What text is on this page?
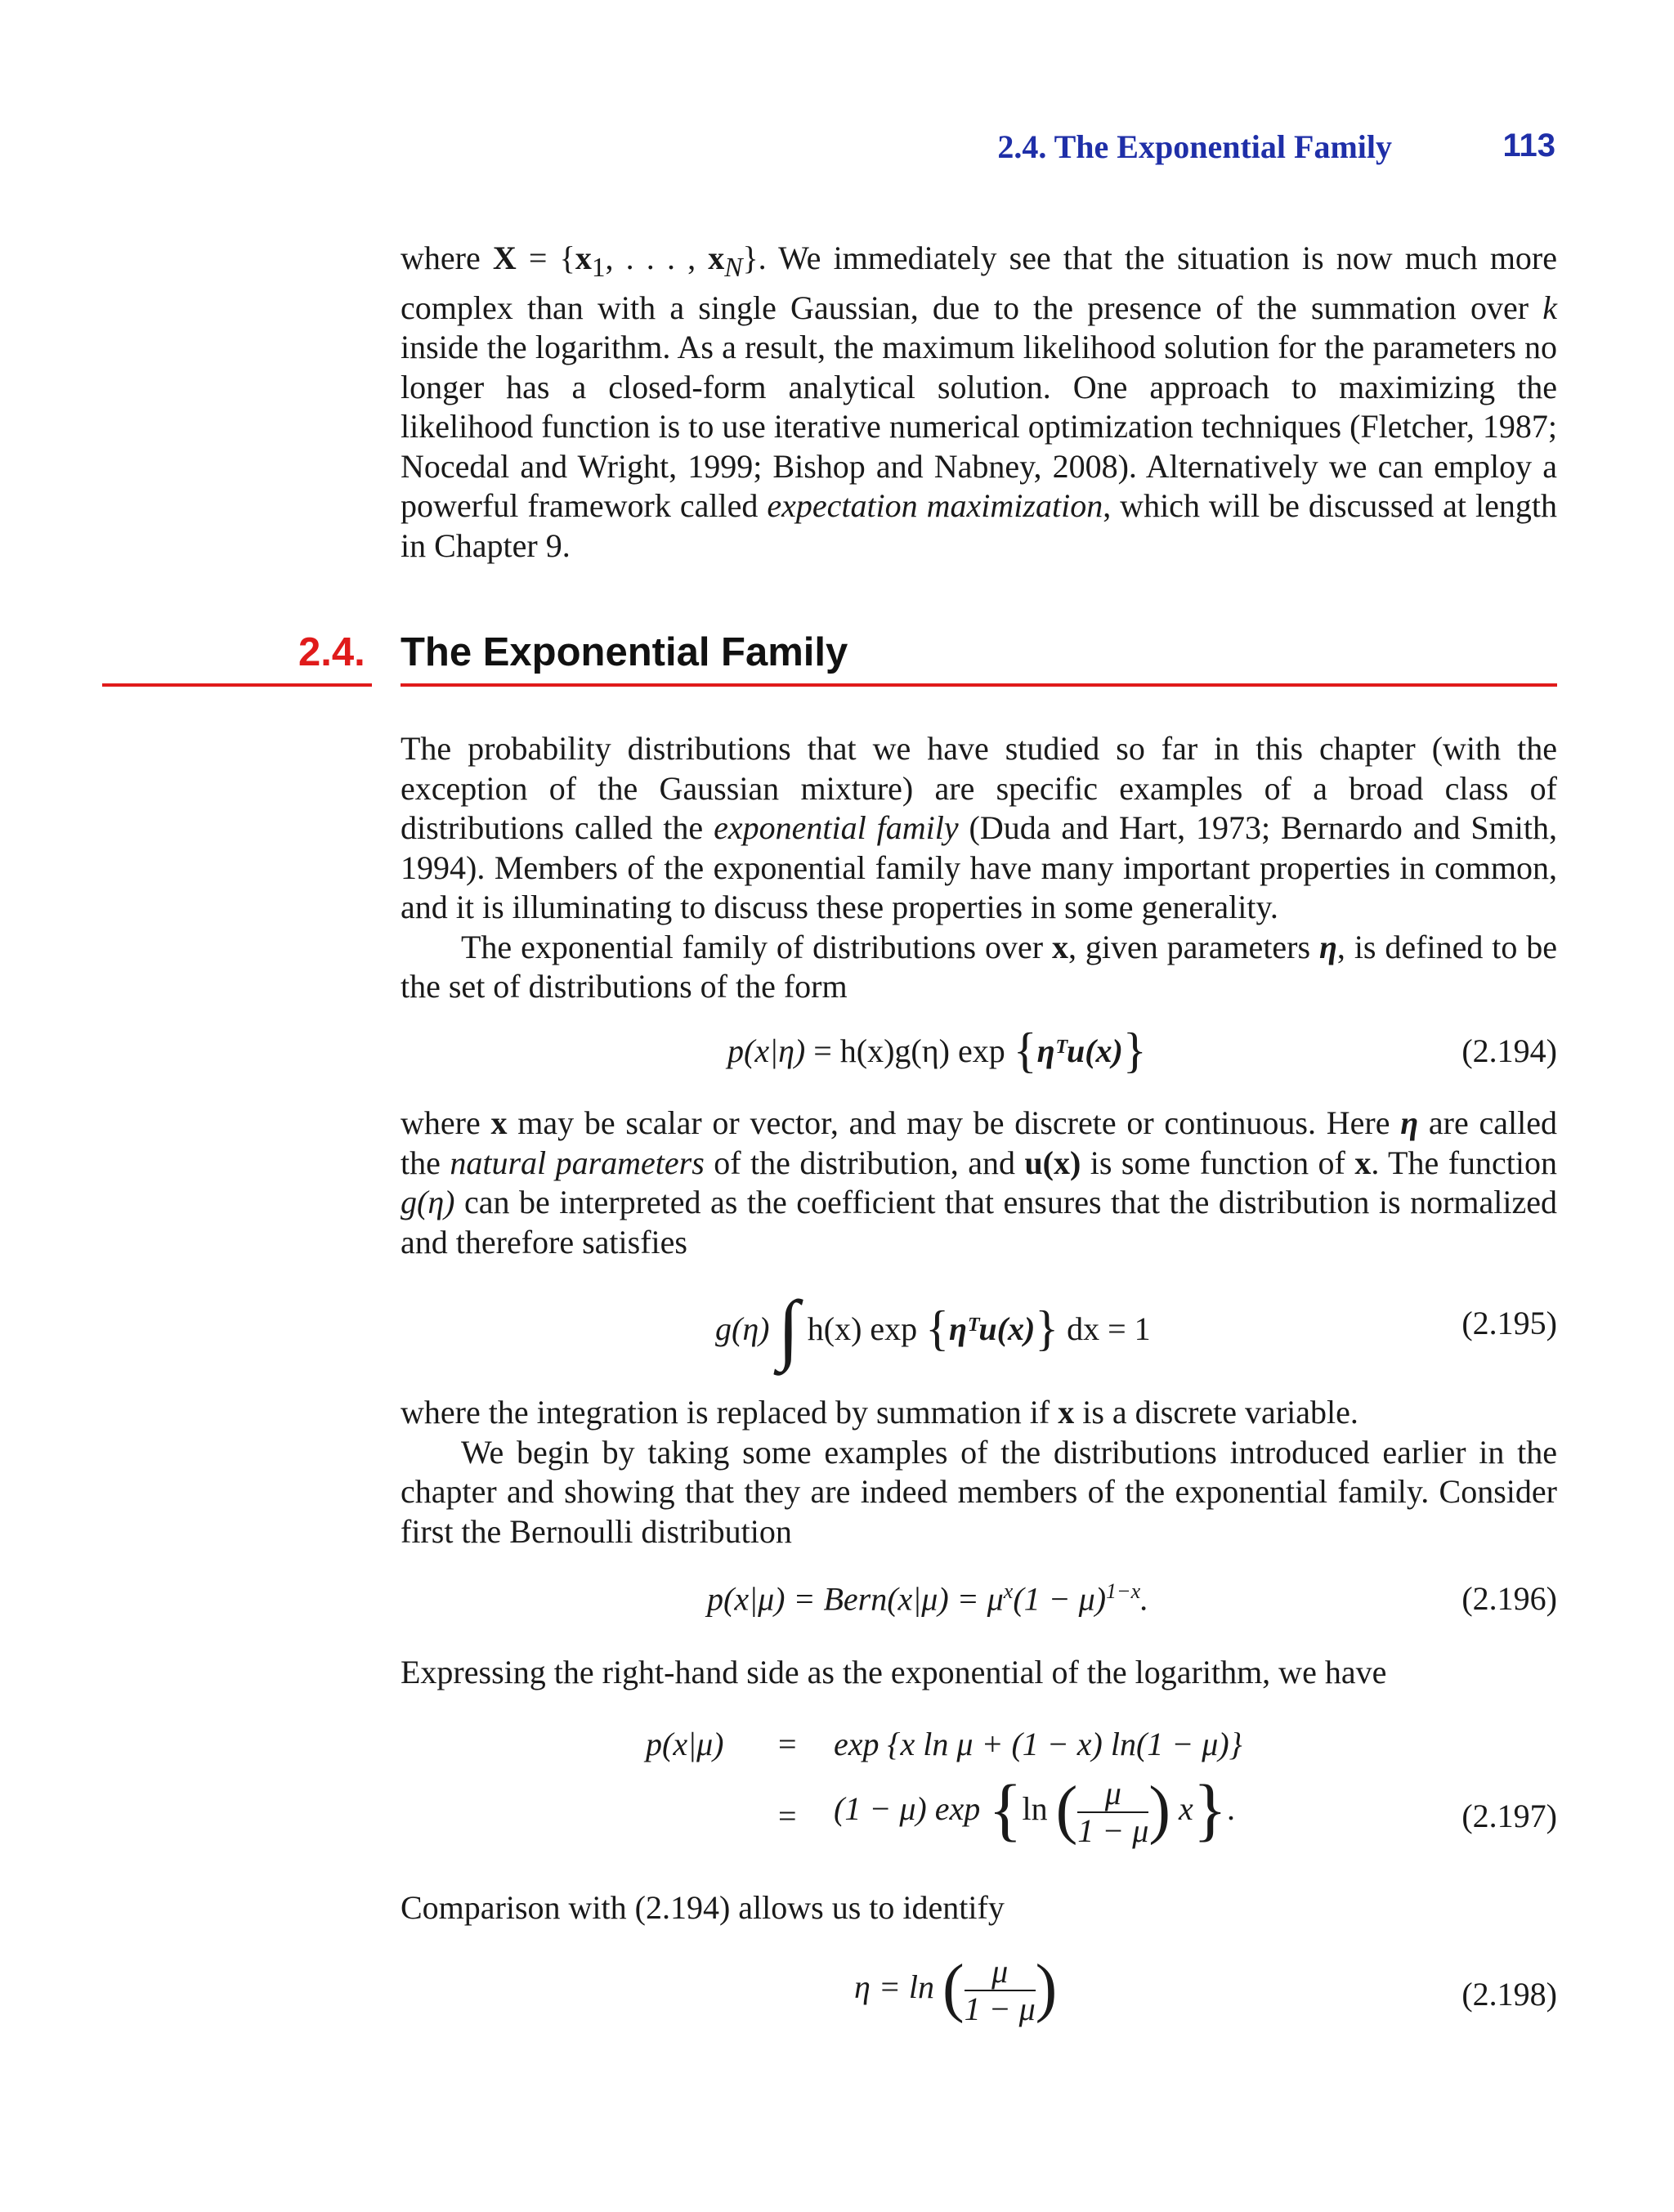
2.4. The Exponential Family	113

where $X = \{x_1$, . . . , $x_N$}. We immediately see that the situation is now much more complex than with a single Gaussian, due to the presence of the summation over k inside the logarithm. As a result, the maximum likelihood solution for the parameters no longer has a closed-form analytical solution. One approach to maximizing the likelihood function is to use iterative numerical optimization techniques (Fletcher, 1987; Nocedal and Wright, 1999; Bishop and Nabney, 2008). Alternatively we can employ a powerful framework called expectation maximization, which will be discussed at length in Chapter 9.

2.4. The Exponential Family

The probability distributions that we have studied so far in this chapter (with the exception of the Gaussian mixture) are specific examples of a broad class of distributions called the exponential family (Duda and Hart, 1973; Bernardo and Smith, 1994). Members of the exponential family have many important properties in common, and it is illuminating to discuss these properties in some generality.

The exponential family of distributions over x, given parameters η, is defined to be the set of distributions of the form

p(x|η) = h(x)g(η) exp {ηᵀu(x)}	(2.194)

where x may be scalar or vector, and may be discrete or continuous. Here η are called the natural parameters of the distribution, and u(x) is some function of x. The function g(η) can be interpreted as the coefficient that ensures that the distribution is normalized and therefore satisfies

g(η) ∫ h(x) exp {ηᵀu(x)} dx = 1	(2.195)

where the integration is replaced by summation if x is a discrete variable.

We begin by taking some examples of the distributions introduced earlier in the chapter and showing that they are indeed members of the exponential family. Consider first the Bernoulli distribution

p(x|μ) = Bern(x|μ) = $\mu^x(1 - \mu)^{1-x}$.	(2.196)

Expressing the right-hand side as the exponential of the logarithm, we have

p(x|μ) = exp {x ln μ + (1 − x) ln(1 − μ)}
= (1 − μ) exp {ln ( $\frac{\mu}{1 - \mu}$ ) x}.	(2.197)

Comparison with (2.194) allows us to identify

η = ln ( $\frac{\mu}{1 - \mu}$ )	(2.198)
